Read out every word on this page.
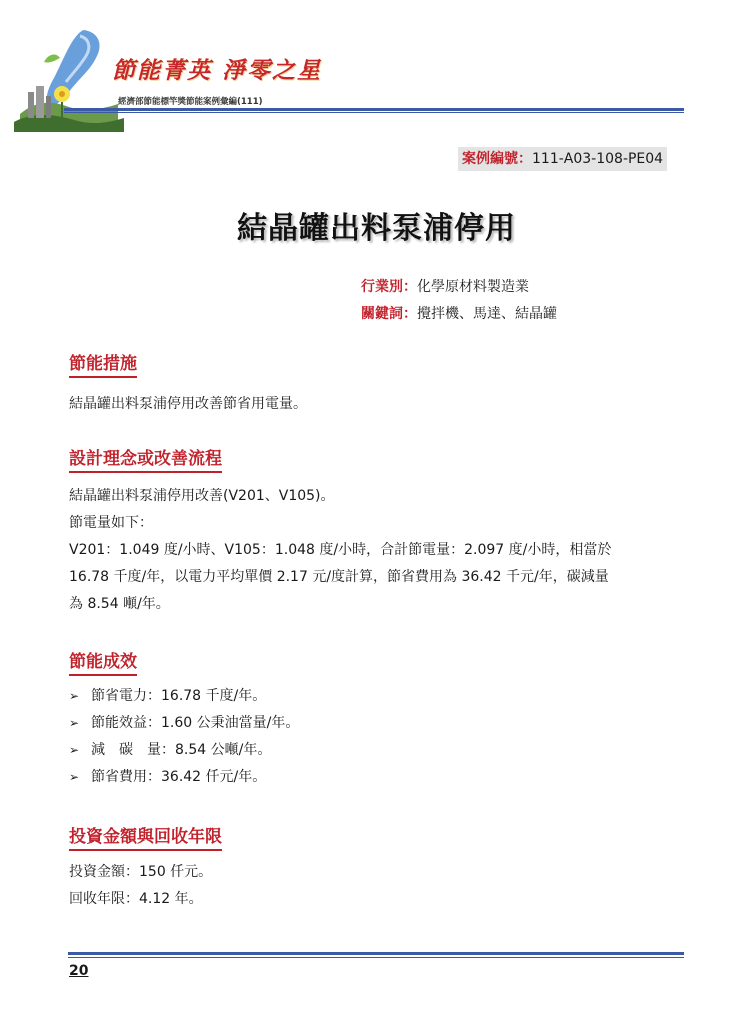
節能菁英 淨零之星
經濟部節能標竿獎節能案例彙編(111)
案例編號：111-A03-108-PE04
結晶罐出料泵浦停用
行業別：化學原材料製造業
關鍵詞：攪拌機、馬達、結晶罐
節能措施
結晶罐出料泵浦停用改善節省用電量。
設計理念或改善流程
結晶罐出料泵浦停用改善(V201、V105)。
節電量如下：
V201：1.049 度/小時、V105：1.048 度/小時，合計節電量：2.097 度/小時，相當於
16.78 千度/年，以電力平均單價 2.17 元/度計算，節省費用為 36.42 千元/年，碳減量
為 8.54 噸/年。
節能成效
➢ 節省電力：16.78 千度/年。
➢ 節能效益：1.60 公秉油當量/年。
➢ 減　碳　量：8.54 公噸/年。
➢ 節省費用：36.42 仟元/年。
投資金額與回收年限
投資金額：150 仟元。
回收年限：4.12 年。
20
